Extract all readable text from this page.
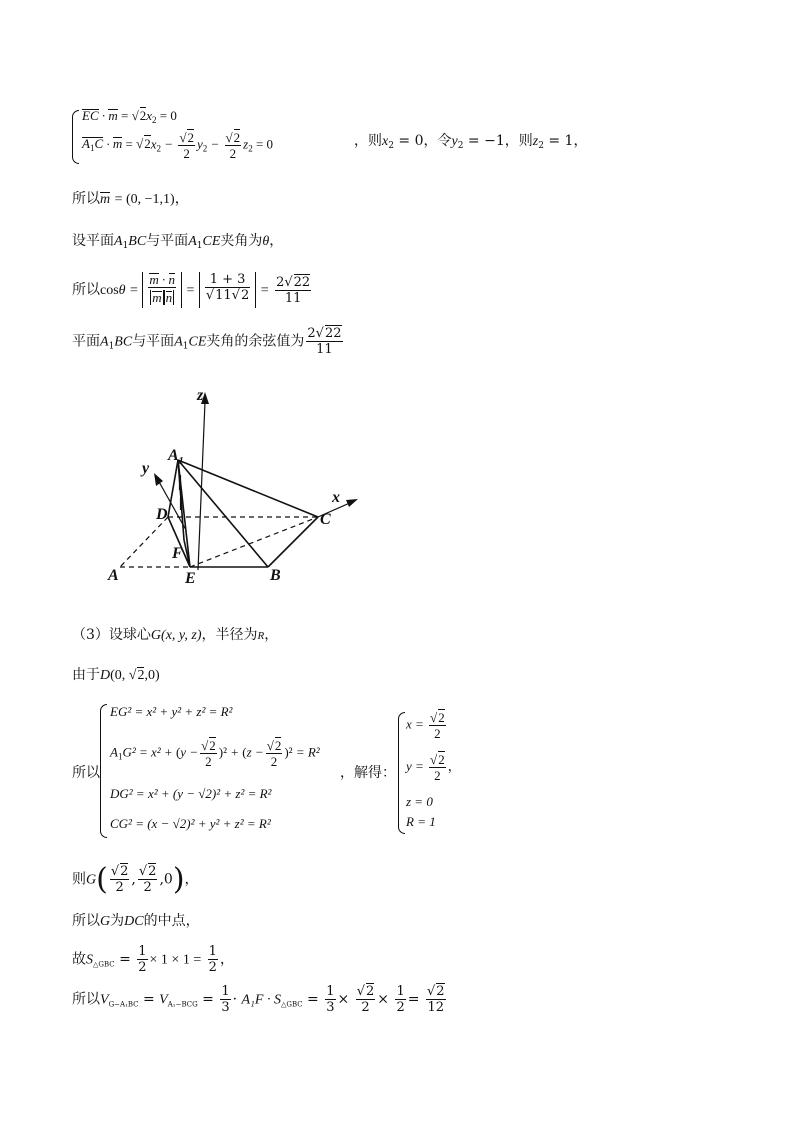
EC · $m = √2x_2 = 0$
$A_1C \cdot m = √2x_2 - \frac{√2}{2} y_2 - \frac{√2}{2} z_2 = 0$	，则$x_2 = 0$，令$y_2 = -1$，则$z_2 = 1$，
所以m = (0, −1,1)，
设平面$A_1BC$与平面$A_1CE$夹角为θ，
所以$\cos\theta = \frac{m \cdot n}{\text{m n}} = \frac{1 + 3}{√11√2} = \frac{2√22}{11}$
平面$A_1BC$与平面$A_1CE$夹角的余弦值为 $\frac{2√22}{11}$
z
y
x
$A_1$
D
F
A	E	B
C
（3）设球心G(x, y, z)，半径为R，
由于D(0, √2,0)
所以
EG² = x² + y² + z² = R²
$A_1G^2 = x^2 + (y - \frac{√2}{2} )^2 + (z - \frac{√2}{2} )^2 = R^2$
DG² = x² + (y − √2)² + z² = R²
CG² = (x − √2)² + y² + z² = R²
，解得：
$x = \frac{√2}{2}$
$y = \frac{√2}{2}$ ，
z = 0
R = 1
则$G( \frac{√2}{2}$ , $\frac{√2}{2} ,0$)，
所以G为DC的中点，
故$S_{\triangle GBC} = \frac{1}{2} \times 1 \times 1 = \frac{1}{2}$ ，
所以$V_{G-A_1BC} = V_{A_1-BCG} = \frac{1}{3} \cdot A_1F \cdot S_{\triangle GBC} = \frac{1}{3} \times \frac{√2}{2} \times \frac{1}{2} = \frac{√2}{12}$
